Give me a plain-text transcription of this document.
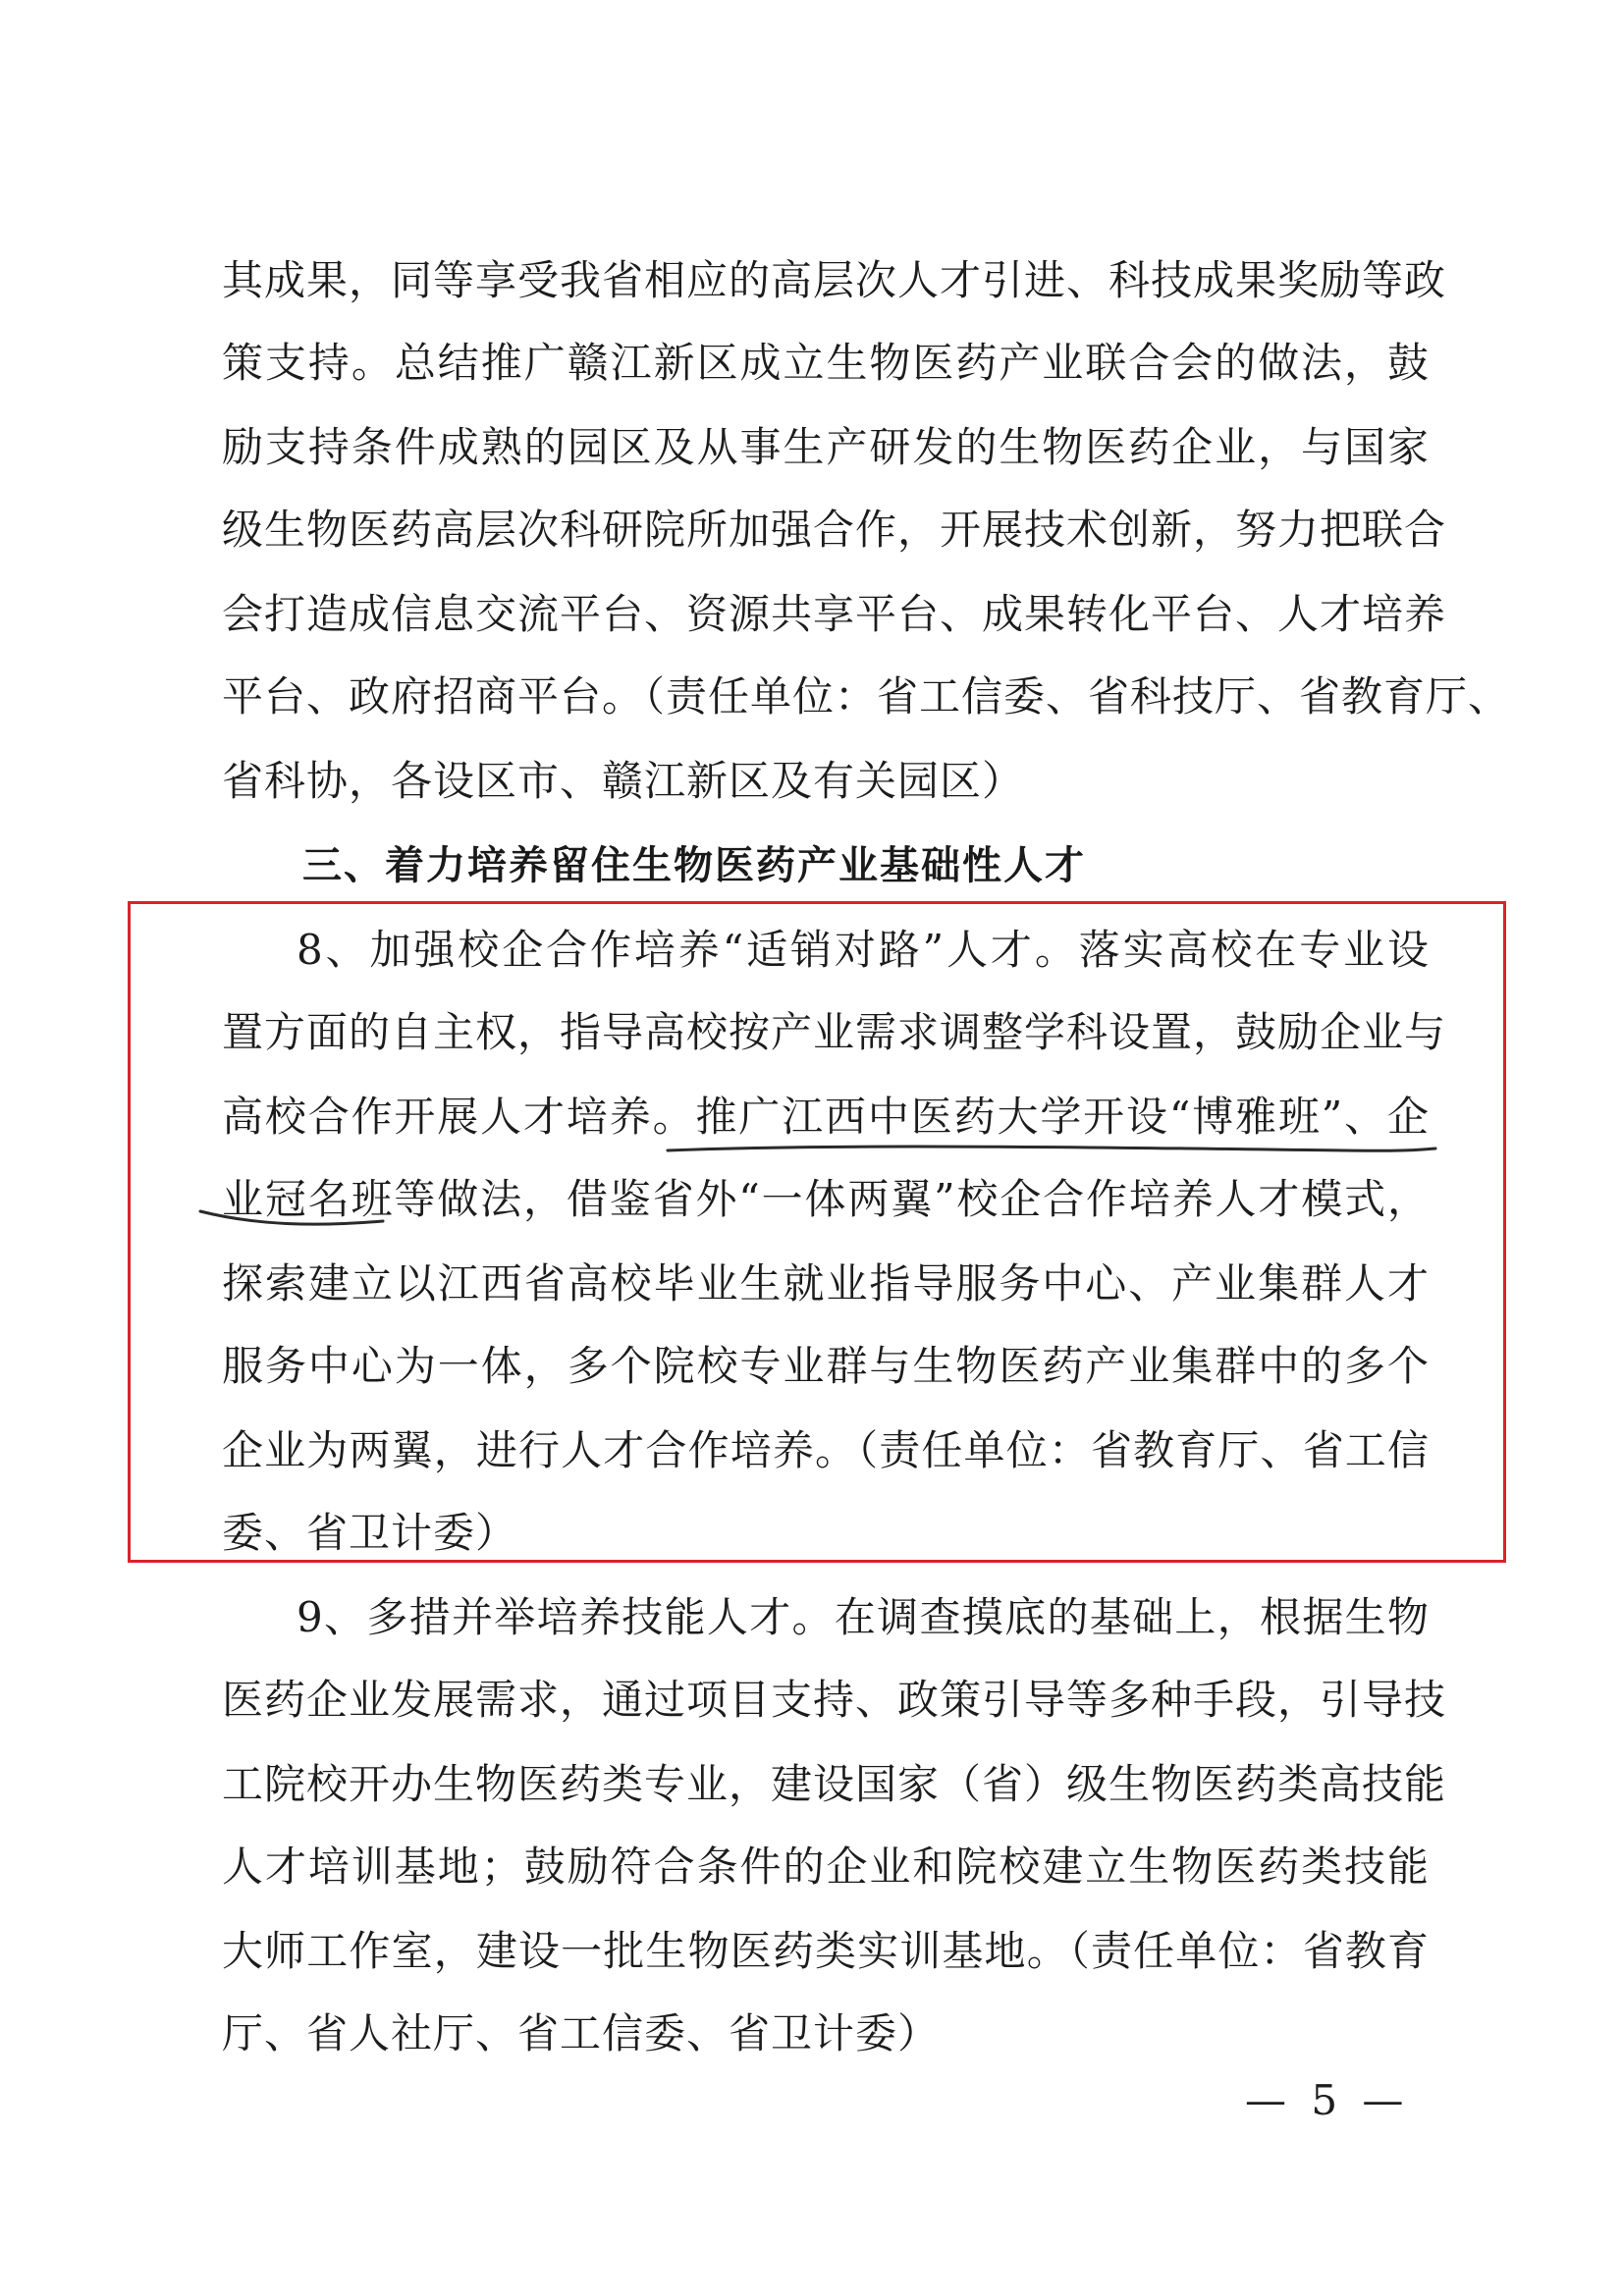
其成果，同等享受我省相应的高层次人才引进、科技成果奖励等政
策支持。总结推广赣江新区成立生物医药产业联合会的做法，鼓
励支持条件成熟的园区及从事生产研发的生物医药企业，与国家
级生物医药高层次科研院所加强合作，开展技术创新，努力把联合
会打造成信息交流平台、资源共享平台、成果转化平台、人才培养
平台、政府招商平台。（责任单位：省工信委、省科技厅、省教育厅、
省科协，各设区市、赣江新区及有关园区）
三、着力培养留住生物医药产业基础性人才
8、加强校企合作培养“适销对路”人才。落实高校在专业设
置方面的自主权，指导高校按产业需求调整学科设置，鼓励企业与
高校合作开展人才培养。推广江西中医药大学开设“博雅班”、企
业冠名班等做法，借鉴省外“一体两翼”校企合作培养人才模式，
探索建立以江西省高校毕业生就业指导服务中心、产业集群人才
服务中心为一体，多个院校专业群与生物医药产业集群中的多个
企业为两翼，进行人才合作培养。（责任单位：省教育厅、省工信
委、省卫计委）
9、多措并举培养技能人才。在调查摸底的基础上，根据生物
医药企业发展需求，通过项目支持、政策引导等多种手段，引导技
工院校开办生物医药类专业，建设国家（省）级生物医药类高技能
人才培训基地；鼓励符合条件的企业和院校建立生物医药类技能
大师工作室，建设一批生物医药类实训基地。（责任单位：省教育
厅、省人社厅、省工信委、省卫计委）
— 5 —
